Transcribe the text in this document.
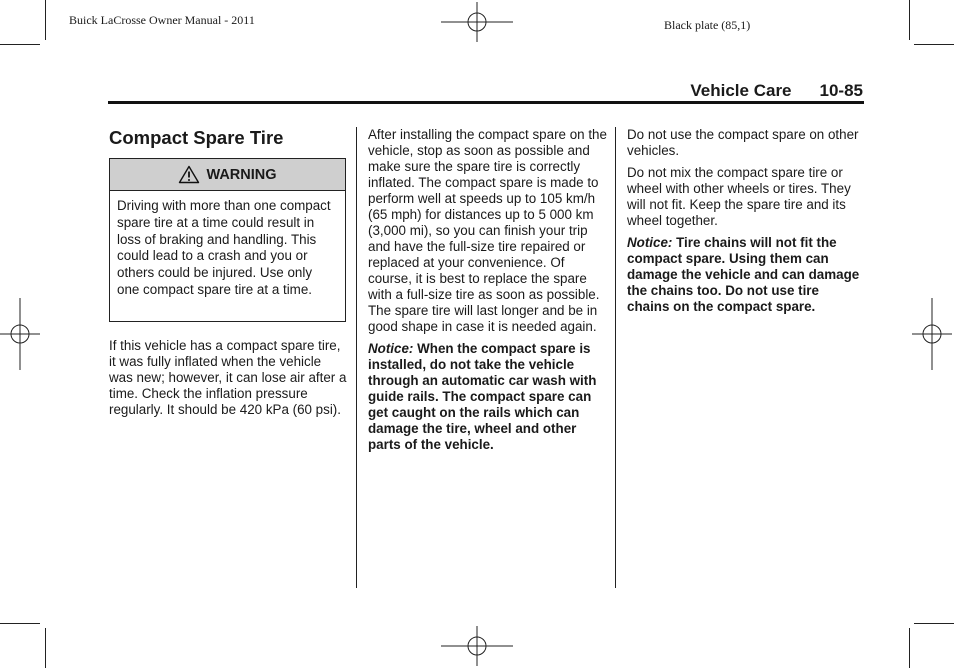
Buick LaCrosse Owner Manual - 2011	Black plate (85,1)
Vehicle Care 10-85
Compact Spare Tire
WARNING
Driving with more than one compact spare tire at a time could result in loss of braking and handling. This could lead to a crash and you or others could be injured. Use only one compact spare tire at a time.

If this vehicle has a compact spare tire, it was fully inflated when the vehicle was new; however, it can lose air after a time. Check the inflation pressure regularly. It should be 420 kPa (60 psi).

After installing the compact spare on the vehicle, stop as soon as possible and make sure the spare tire is correctly inflated. The compact spare is made to perform well at speeds up to 105 km/h (65 mph) for distances up to 5 000 km (3,000 mi), so you can finish your trip and have the full-size tire repaired or replaced at your convenience. Of course, it is best to replace the spare with a full-size tire as soon as possible. The spare tire will last longer and be in good shape in case it is needed again.

Notice: When the compact spare is installed, do not take the vehicle through an automatic car wash with guide rails. The compact spare can get caught on the rails which can damage the tire, wheel and other parts of the vehicle.

Do not use the compact spare on other vehicles.

Do not mix the compact spare tire or wheel with other wheels or tires. They will not fit. Keep the spare tire and its wheel together.

Notice: Tire chains will not fit the compact spare. Using them can damage the vehicle and can damage the chains too. Do not use tire chains on the compact spare.
